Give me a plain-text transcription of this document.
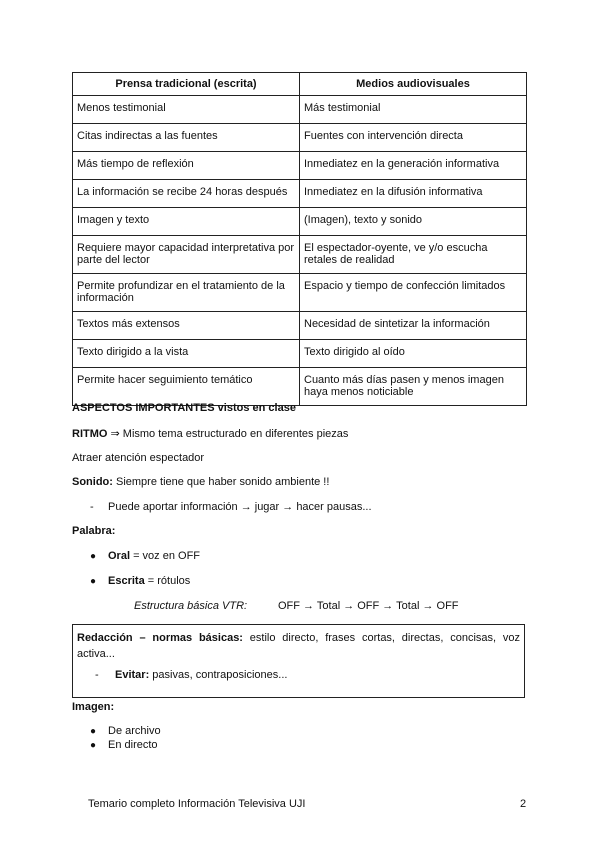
Prensa tradicional (escrita)	Medios audiovisuales
Menos testimonial	Más testimonial
Citas indirectas a las fuentes	Fuentes con intervención directa
Más tiempo de reflexión	Inmediatez en la generación informativa
La información se recibe 24 horas después	Inmediatez en la difusión informativa
Imagen y texto	(Imagen), texto y sonido
Requiere mayor capacidad interpretativa por parte del lector	El espectador-oyente, ve y/o escucha retales de realidad
Permite profundizar en el tratamiento de la información	Espacio y tiempo de confección limitados
Textos más extensos	Necesidad de sintetizar la información
Texto dirigido a la vista	Texto dirigido al oído
Permite hacer seguimiento temático	Cuanto más días pasen y menos imagen haya menos noticiable
ASPECTOS IMPORTANTES vistos en clase
RITMO ⇒ Mismo tema estructurado en diferentes piezas
Atraer atención espectador
Sonido: Siempre tiene que haber sonido ambiente !!
- Puede aportar información → jugar → hacer pausas...
Palabra:
● Oral = voz en OFF
● Escrita = rótulos
Estructura básica VTR:	OFF → Total → OFF → Total → OFF
Redacción – normas básicas: estilo directo, frases cortas, directas, concisas, voz activa...
- Evitar: pasivas, contraposiciones...
Imagen:
● De archivo
● En directo
Temario completo Información Televisiva UJI	2
